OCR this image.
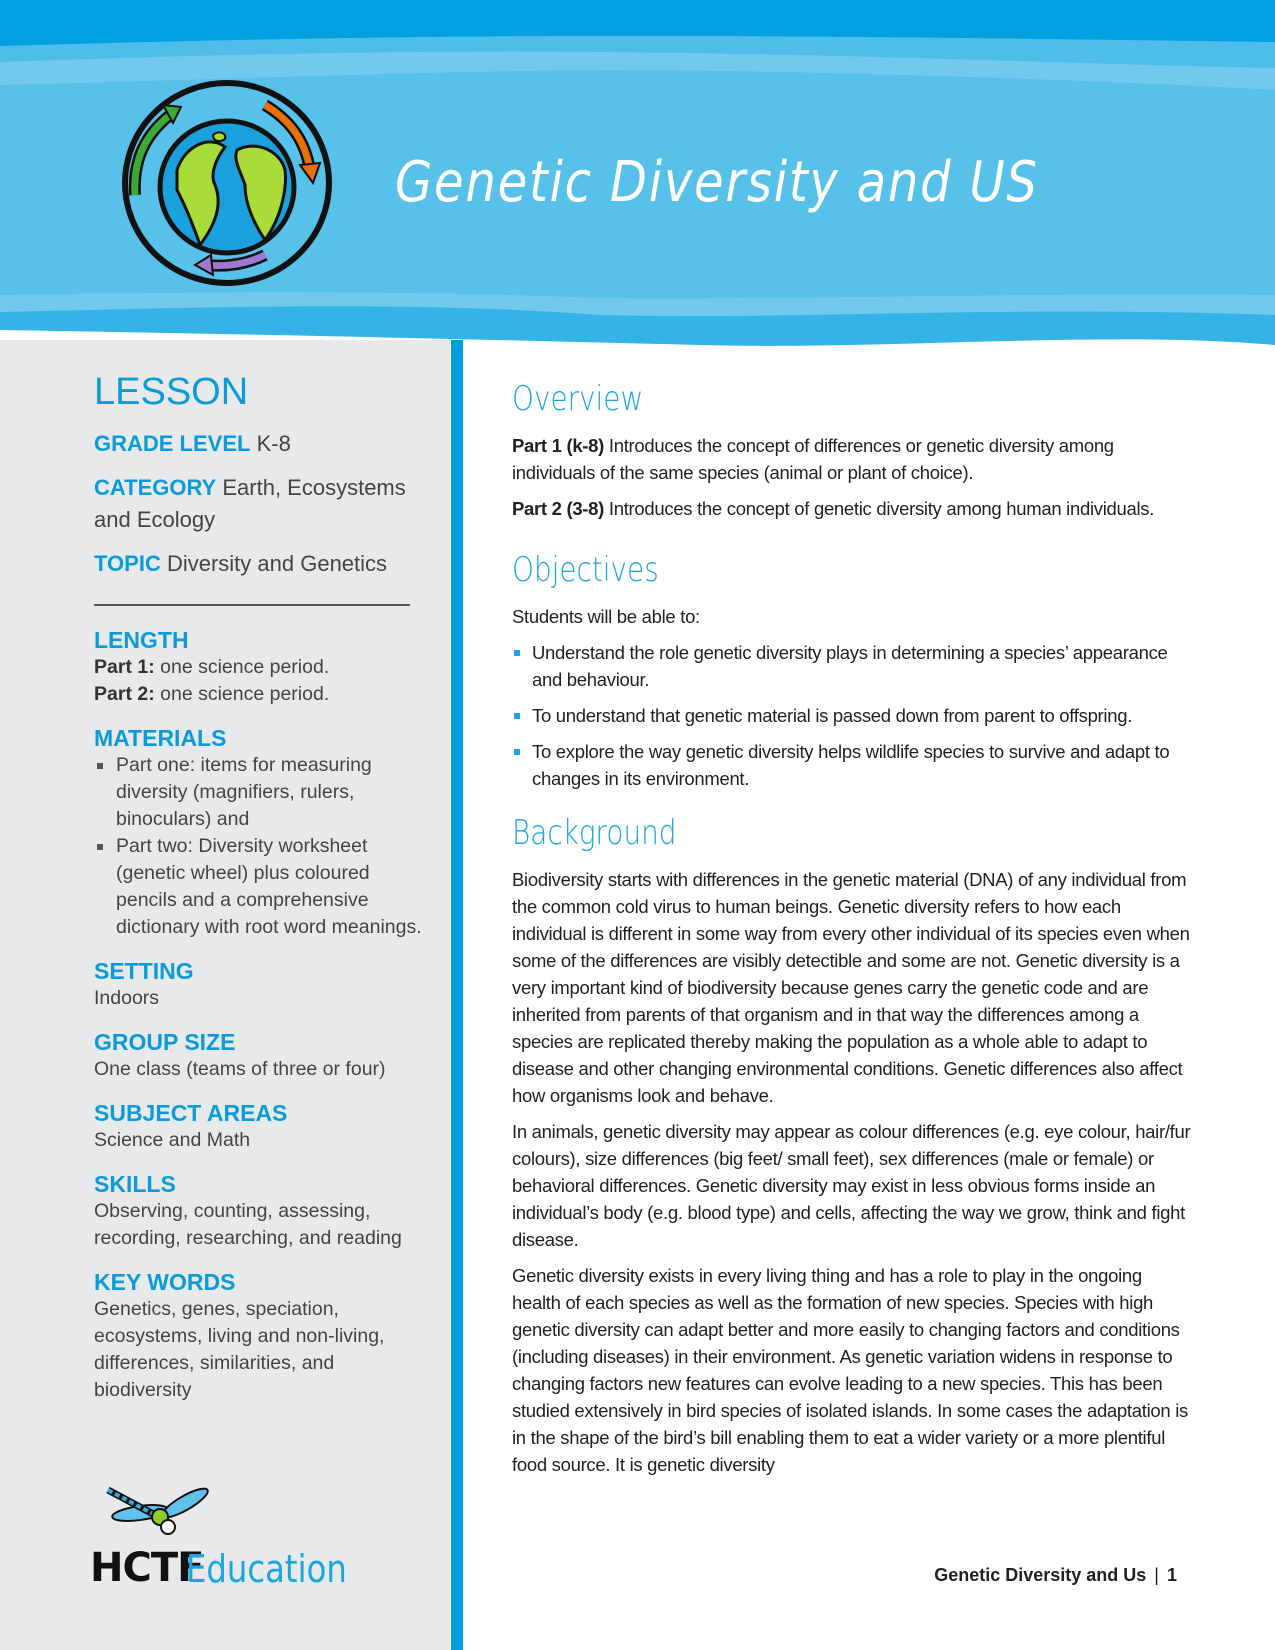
Genetic Diversity and US
LESSON
GRADE LEVEL K-8
CATEGORY Earth, Ecosystems and Ecology
TOPIC Diversity and Genetics
LENGTH
Part 1: one science period.
Part 2: one science period.
MATERIALS
Part one: items for measuring diversity (magnifiers, rulers, binoculars) and
Part two: Diversity worksheet (genetic wheel) plus coloured pencils and a comprehensive dictionary with root word meanings.
SETTING
Indoors
GROUP SIZE
One class (teams of three or four)
SUBJECT AREAS
Science and Math
SKILLS
Observing, counting, assessing, recording, researching, and reading
KEY WORDS
Genetics, genes, speciation, ecosystems, living and non-living, differences, similarities, and biodiversity
HCTF
Education
Overview

Part 1 (k-8) Introduces the concept of differences or genetic diversity among individuals of the same species (animal or plant of choice).

Part 2 (3-8) Introduces the concept of genetic diversity among human individuals.

Objectives

Students will be able to:

Understand the role genetic diversity plays in determining a species’ appearance and behaviour.
To understand that genetic material is passed down from parent to offspring.
To explore the way genetic diversity helps wildlife species to survive and adapt to changes in its environment.
Background

Biodiversity starts with differences in the genetic material (DNA) of any individual from the common cold virus to human beings. Genetic diversity refers to how each individual is different in some way from every other individual of its species even when some of the differences are visibly detectible and some are not. Genetic diversity is a very important kind of biodiversity because genes carry the genetic code and are inherited from parents of that organism and in that way the differences among a species are replicated thereby making the population as a whole able to adapt to disease and other changing environmental conditions. Genetic differences also affect how organisms look and behave.

In animals, genetic diversity may appear as colour differences (e.g. eye colour, hair/fur colours), size differences (big feet/ small feet), sex differences (male or female) or behavioral differences. Genetic diversity may exist in less obvious forms inside an individual’s body (e.g. blood type) and cells, affecting the way we grow, think and fight disease.

Genetic diversity exists in every living thing and has a role to play in the ongoing health of each species as well as the formation of new species. Species with high genetic diversity can adapt better and more easily to changing factors and conditions (including diseases) in their environment. As genetic variation widens in response to changing factors new features can evolve leading to a new species. This has been studied extensively in bird species of isolated islands. In some cases the adaptation is in the shape of the bird’s bill enabling them to eat a wider variety or a more plentiful food source. It is genetic diversity

Genetic Diversity and Us | 1
